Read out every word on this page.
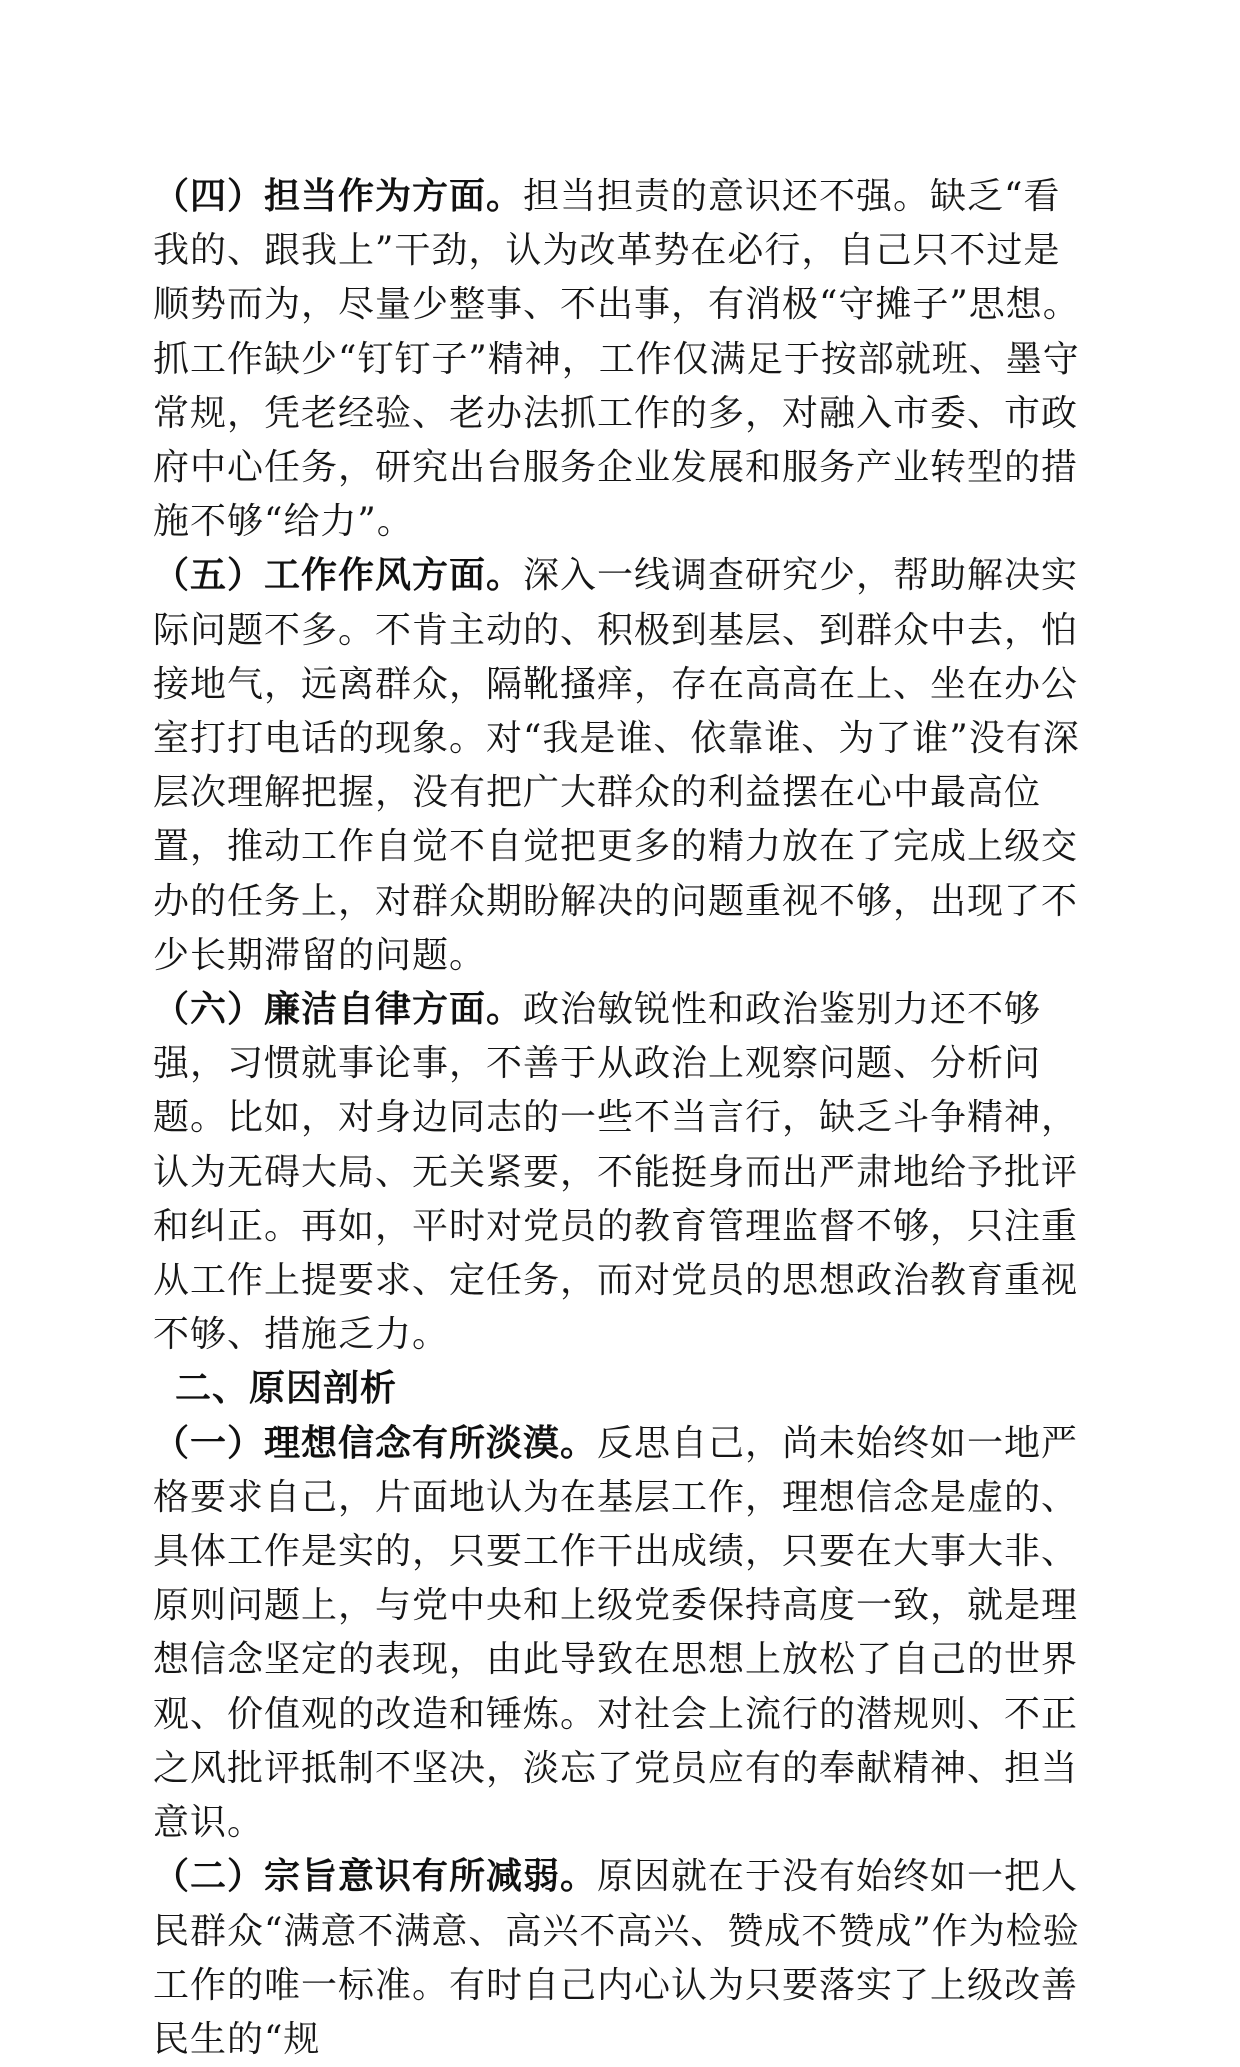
（四）担当作为方面。担当担责的意识还不强。缺乏“看我的、跟我上”干劲，认为改革势在必行，自己只不过是顺势而为，尽量少整事、不出事，有消极“守摊子”思想。抓工作缺少“钉钉子”精神，工作仅满足于按部就班、墨守常规，凭老经验、老办法抓工作的多，对融入市委、市政府中心任务，研究出台服务企业发展和服务产业转型的措施不够“给力”。

（五）工作作风方面。深入一线调查研究少，帮助解决实际问题不多。不肯主动的、积极到基层、到群众中去，怕接地气，远离群众，隔靴搔痒，存在高高在上、坐在办公室打打电话的现象。对“我是谁、依靠谁、为了谁”没有深层次理解把握，没有把广大群众的利益摆在心中最高位置，推动工作自觉不自觉把更多的精力放在了完成上级交办的任务上，对群众期盼解决的问题重视不够，出现了不少长期滞留的问题。

（六）廉洁自律方面。政治敏锐性和政治鉴别力还不够强，习惯就事论事，不善于从政治上观察问题、分析问题。比如，对身边同志的一些不当言行，缺乏斗争精神，认为无碍大局、无关紧要，不能挺身而出严肃地给予批评和纠正。再如，平时对党员的教育管理监督不够，只注重从工作上提要求、定任务，而对党员的思想政治教育重视不够、措施乏力。

二、原因剖析

（一）理想信念有所淡漠。反思自己，尚未始终如一地严格要求自己，片面地认为在基层工作，理想信念是虚的、具体工作是实的，只要工作干出成绩，只要在大事大非、原则问题上，与党中央和上级党委保持高度一致，就是理想信念坚定的表现，由此导致在思想上放松了自己的世界观、价值观的改造和锤炼。对社会上流行的潜规则、不正之风批评抵制不坚决，淡忘了党员应有的奉献精神、担当意识。

（二）宗旨意识有所减弱。原因就在于没有始终如一把人民群众“满意不满意、高兴不高兴、赞成不赞成”作为检验工作的唯一标准。有时自己内心认为只要落实了上级改善民生的“规
